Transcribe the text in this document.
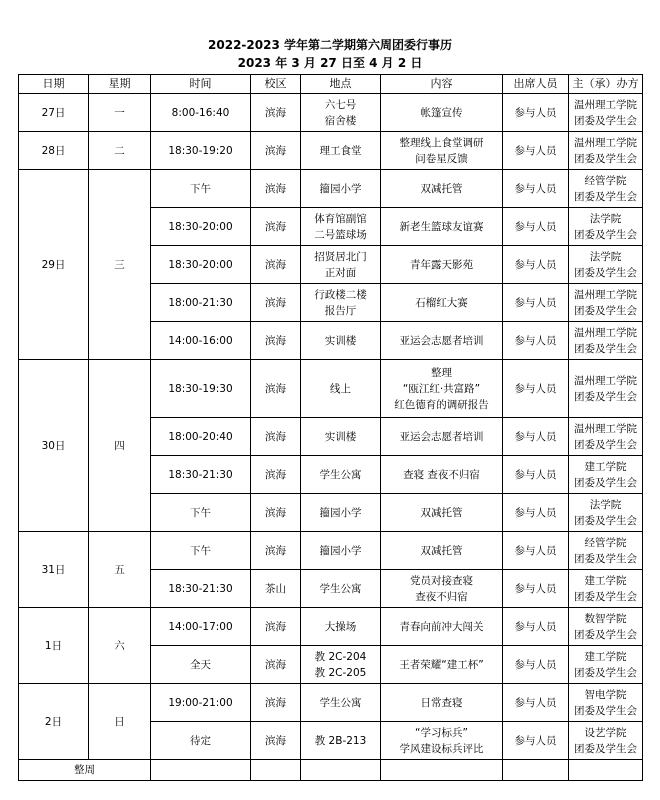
2022-2023 学年第二学期第六周团委行事历
2023 年 3 月 27 日至 4 月 2 日
日期	星期	时间	校区	地点	内容	出席人员	主（承）办方
27日	一	8:00-16:40	滨海	六七号
宿舍楼	帐篷宣传	参与人员	温州理工学院
团委及学生会

28日	二	18:30-19:20	滨海	理工食堂	整理线上食堂调研
问卷星反馈	参与人员	温州理工学院
团委及学生会

29日	三	下午	滨海	籀园小学	双减托管	参与人员	经管学院
团委及学生会

		18:30-20:00	滨海	体育馆副馆
二号篮球场	新老生篮球友谊赛	参与人员	法学院
团委及学生会

		18:30-20:00	滨海	招贤居北门
正对面	青年露天影苑	参与人员	法学院
团委及学生会

		18:00-21:30	滨海	行政楼二楼
报告厅	石榴红大赛	参与人员	温州理工学院
团委及学生会

		14:00-16:00	滨海	实训楼	亚运会志愿者培训	参与人员	温州理工学院
团委及学生会

30日	四	18:30-19:30	滨海	线上	整理
“瓯江红·共富路”
红色德育的调研报告	参与人员	温州理工学院
团委及学生会

		18:00-20:40	滨海	实训楼	亚运会志愿者培训	参与人员	温州理工学院
团委及学生会

		18:30-21:30	滨海	学生公寓	查寝 查夜不归宿	参与人员	建工学院
团委及学生会

		下午	滨海	籀园小学	双减托管	参与人员	法学院
团委及学生会

31日	五	下午	滨海	籀园小学	双减托管	参与人员	经管学院
团委及学生会

		18:30-21:30	茶山	学生公寓	党员对接查寝
查夜不归宿	参与人员	建工学院
团委及学生会

1日	六	14:00-17:00	滨海	大操场	青春向前冲大闯关	参与人员	数智学院
团委及学生会

		全天	滨海	教 2C-204
教 2C-205	王者荣耀“建工杯”	参与人员	建工学院
团委及学生会

2日	日	19:00-21:00	滨海	学生公寓	日常查寝	参与人员	智电学院
团委及学生会

		待定	滨海	教 2B-213	“学习标兵”
学风建设标兵评比	参与人员	设艺学院
团委及学生会

整周							
